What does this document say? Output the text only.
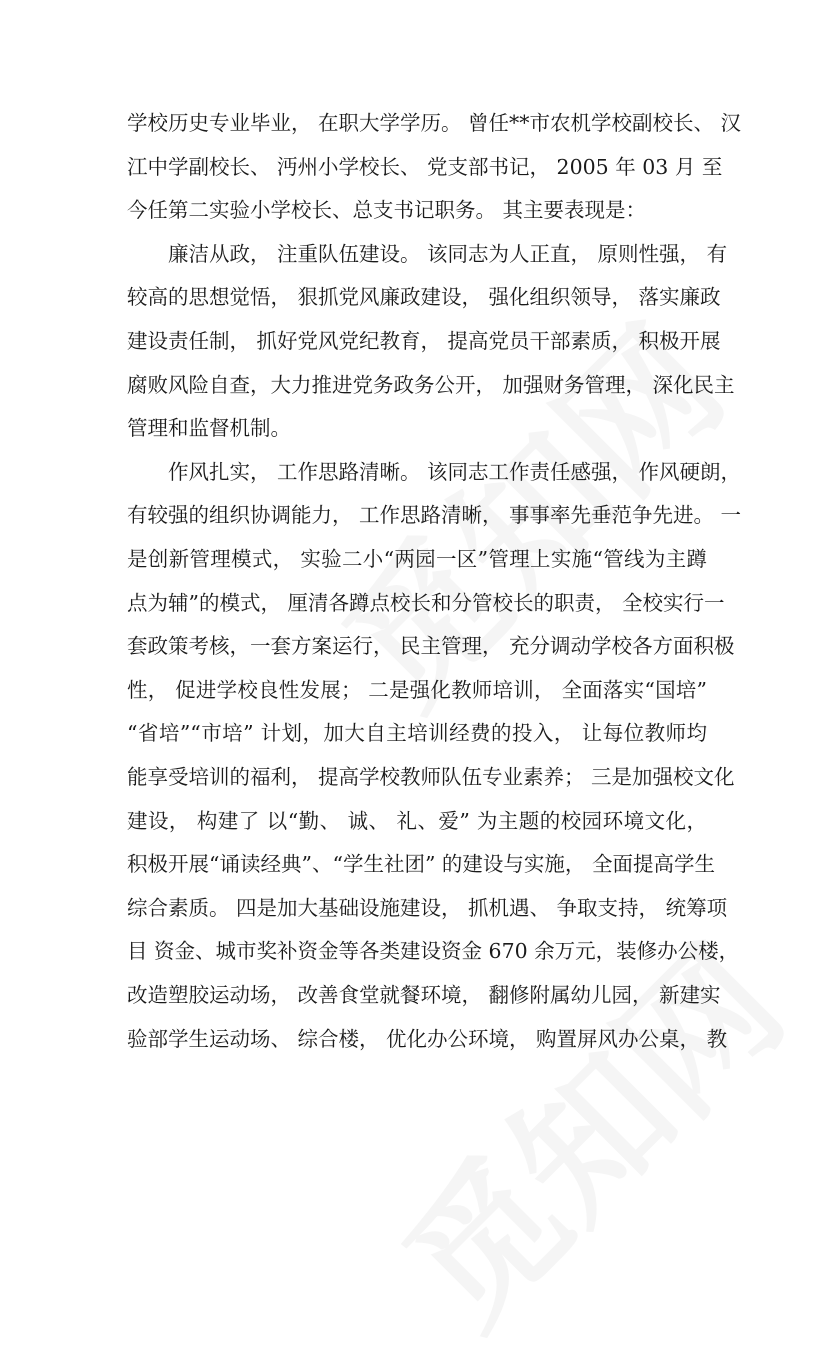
学校历史专业毕业， 在职大学学历。 曾任**市农机学校副校长、 汉
江中学副校长、 沔州小学校长、 党支部书记， 2005 年 03 月 至
今任第二实验小学校长、总支书记职务。 其主要表现是：
廉洁从政， 注重队伍建设。 该同志为人正直， 原则性强， 有
较高的思想觉悟， 狠抓党风廉政建设， 强化组织领导， 落实廉政
建设责任制， 抓好党风党纪教育， 提高党员干部素质， 积极开展
腐败风险自查，大力推进党务政务公开， 加强财务管理， 深化民主
管理和监督机制。
作风扎实， 工作思路清晰。 该同志工作责任感强， 作风硬朗，
有较强的组织协调能力， 工作思路清晰， 事事率先垂范争先进。 一
是创新管理模式， 实验二小“两园一区”管理上实施“管线为主蹲
点为辅”的模式， 厘清各蹲点校长和分管校长的职责， 全校实行一
套政策考核，一套方案运行， 民主管理， 充分调动学校各方面积极
性， 促进学校良性发展； 二是强化教师培训， 全面落实“国培”
“省培”“市培” 计划，加大自主培训经费的投入， 让每位教师均
能享受培训的福利， 提高学校教师队伍专业素养； 三是加强校文化
建设， 构建了 以“勤、 诚、 礼、爱” 为主题的校园环境文化，
积极开展“诵读经典”、“学生社团” 的建设与实施， 全面提高学生
综合素质。 四是加大基础设施建设， 抓机遇、 争取支持， 统筹项
目 资金、城市奖补资金等各类建设资金 670 余万元，装修办公楼，
改造塑胶运动场， 改善食堂就餐环境， 翻修附属幼儿园， 新建实
验部学生运动场、 综合楼， 优化办公环境， 购置屏风办公桌， 教
